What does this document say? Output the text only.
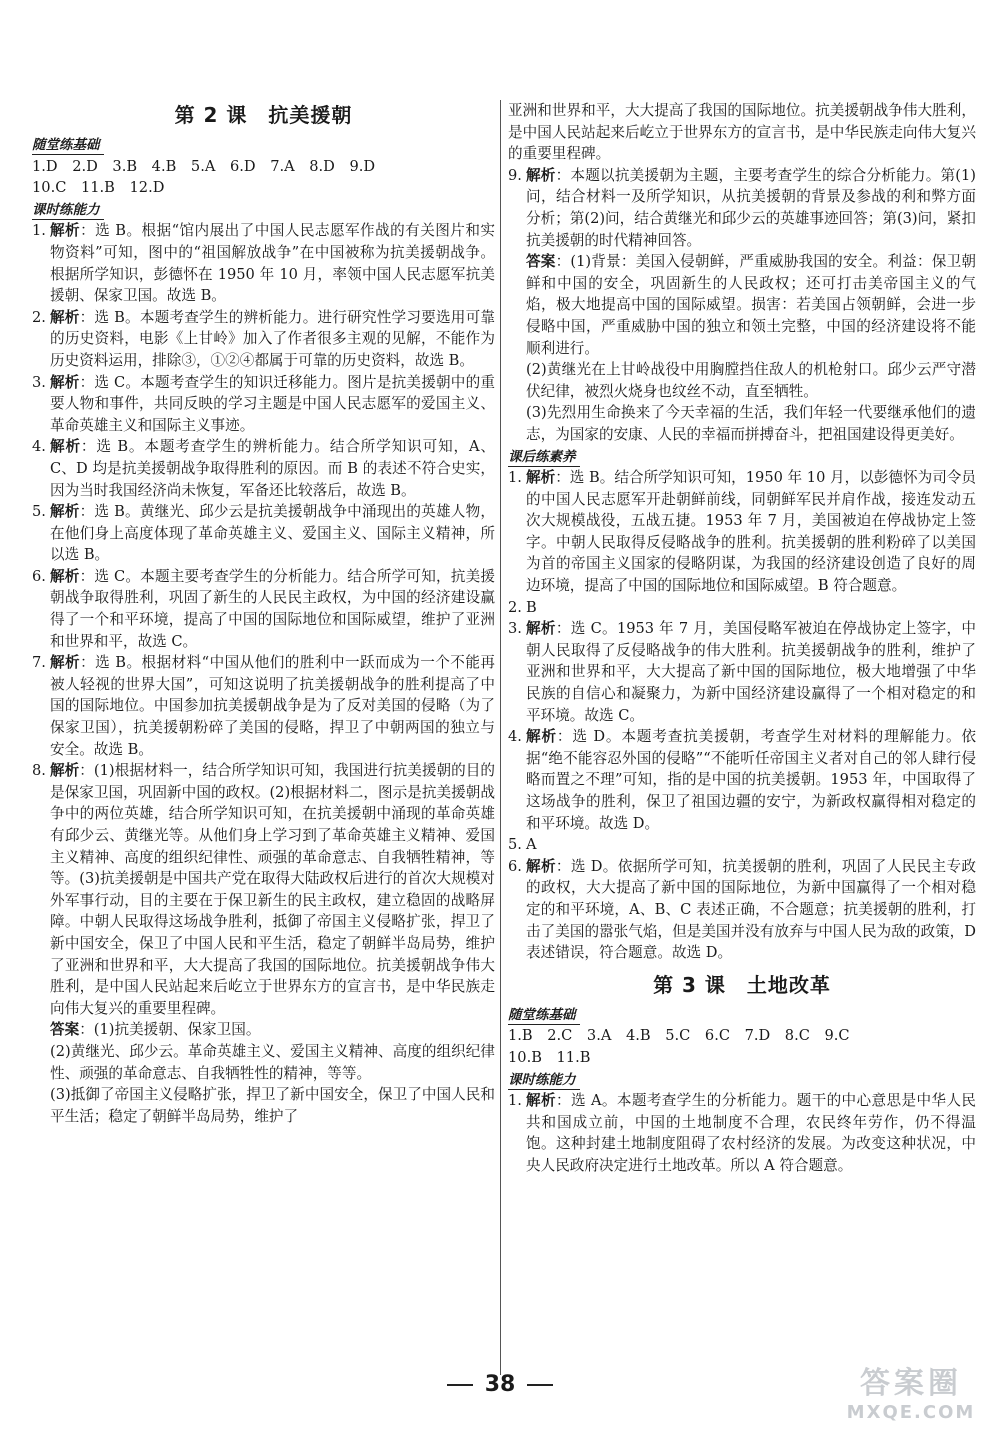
第 2 课　抗美援朝
随堂练基础
1.D　2.D　3.B　4.B　5.A　6.D　7.A　8.D　9.D
10.C　11.B　12.D
课时练能力
1. 解析：选 B。根据“馆内展出了中国人民志愿军作战的有关图片和实物资料”可知，图中的“祖国解放战争”在中国被称为抗美援朝战争。根据所学知识，彭德怀在 1950 年 10 月，率领中国人民志愿军抗美援朝、保家卫国。故选 B。
2. 解析：选 B。本题考查学生的辨析能力。进行研究性学习要选用可靠的历史资料，电影《上甘岭》加入了作者很多主观的见解，不能作为历史资料运用，排除③，①②④都属于可靠的历史资料，故选 B。
3. 解析：选 C。本题考查学生的知识迁移能力。图片是抗美援朝中的重要人物和事件，共同反映的学习主题是中国人民志愿军的爱国主义、革命英雄主义和国际主义事迹。
4. 解析：选 B。本题考查学生的辨析能力。结合所学知识可知，A、C、D 均是抗美援朝战争取得胜利的原因。而 B 的表述不符合史实，因为当时我国经济尚未恢复，军备还比较落后，故选 B。
5. 解析：选 B。黄继光、邱少云是抗美援朝战争中涌现出的英雄人物，在他们身上高度体现了革命英雄主义、爱国主义、国际主义精神，所以选 B。
6. 解析：选 C。本题主要考查学生的分析能力。结合所学可知，抗美援朝战争取得胜利，巩固了新生的人民民主政权，为中国的经济建设赢得了一个和平环境，提高了中国的国际地位和国际威望，维护了亚洲和世界和平，故选 C。
7. 解析：选 B。根据材料“中国从他们的胜利中一跃而成为一个不能再被人轻视的世界大国”，可知这说明了抗美援朝战争的胜利提高了中国的国际地位。中国参加抗美援朝战争是为了反对美国的侵略（为了保家卫国），抗美援朝粉碎了美国的侵略，捍卫了中朝两国的独立与安全。故选 B。
8. 解析：(1)根据材料一，结合所学知识可知，我国进行抗美援朝的目的是保家卫国，巩固新中国的政权。(2)根据材料二，图示是抗美援朝战争中的两位英雄，结合所学知识可知，在抗美援朝中涌现的革命英雄有邱少云、黄继光等。从他们身上学习到了革命英雄主义精神、爱国主义精神、高度的组织纪律性、顽强的革命意志、自我牺牲精神，等等。(3)抗美援朝是中国共产党在取得大陆政权后进行的首次大规模对外军事行动，目的主要在于保卫新生的民主政权，建立稳固的战略屏障。中朝人民取得这场战争胜利，抵御了帝国主义侵略扩张，捍卫了新中国安全，保卫了中国人民和平生活，稳定了朝鲜半岛局势，维护了亚洲和世界和平，大大提高了我国的国际地位。抗美援朝战争伟大胜利，是中国人民站起来后屹立于世界东方的宣言书，是中华民族走向伟大复兴的重要里程碑。
答案：(1)抗美援朝、保家卫国。
(2)黄继光、邱少云。革命英雄主义、爱国主义精神、高度的组织纪律性、顽强的革命意志、自我牺牲性的精神，等等。
(3)抵御了帝国主义侵略扩张，捍卫了新中国安全，保卫了中国人民和平生活；稳定了朝鲜半岛局势，维护了
亚洲和世界和平，大大提高了我国的国际地位。抗美援朝战争伟大胜利，是中国人民站起来后屹立于世界东方的宣言书，是中华民族走向伟大复兴的重要里程碑。
9. 解析：本题以抗美援朝为主题，主要考查学生的综合分析能力。第(1)问，结合材料一及所学知识，从抗美援朝的背景及参战的利和弊方面分析；第(2)问，结合黄继光和邱少云的英雄事迹回答；第(3)问，紧扣抗美援朝的时代精神回答。
答案：(1)背景：美国入侵朝鲜，严重威胁我国的安全。利益：保卫朝鲜和中国的安全，巩固新生的人民政权；还可打击美帝国主义的气焰，极大地提高中国的国际威望。损害：若美国占领朝鲜，会进一步侵略中国，严重威胁中国的独立和领土完整，中国的经济建设将不能顺利进行。
(2)黄继光在上甘岭战役中用胸膛挡住敌人的机枪射口。邱少云严守潜伏纪律，被烈火烧身也纹丝不动，直至牺牲。
(3)先烈用生命换来了今天幸福的生活，我们年轻一代要继承他们的遗志，为国家的安康、人民的幸福而拼搏奋斗，把祖国建设得更美好。
课后练素养
1. 解析：选 B。结合所学知识可知，1950 年 10 月，以彭德怀为司令员的中国人民志愿军开赴朝鲜前线，同朝鲜军民并肩作战，接连发动五次大规模战役，五战五捷。1953 年 7 月，美国被迫在停战协定上签字。中朝人民取得反侵略战争的胜利。抗美援朝的胜利粉碎了以美国为首的帝国主义国家的侵略阴谋，为我国的经济建设创造了良好的周边环境，提高了中国的国际地位和国际威望。B 符合题意。
2. B
3. 解析：选 C。1953 年 7 月，美国侵略军被迫在停战协定上签字，中朝人民取得了反侵略战争的伟大胜利。抗美援朝战争的胜利，维护了亚洲和世界和平，大大提高了新中国的国际地位，极大地增强了中华民族的自信心和凝聚力，为新中国经济建设赢得了一个相对稳定的和平环境。故选 C。
4. 解析：选 D。本题考查抗美援朝，考查学生对材料的理解能力。依据“绝不能容忍外国的侵略”“不能听任帝国主义者对自己的邻人肆行侵略而置之不理”可知，指的是中国的抗美援朝。1953 年，中国取得了这场战争的胜利，保卫了祖国边疆的安宁，为新政权赢得相对稳定的和平环境。故选 D。
5. A
6. 解析：选 D。依据所学可知，抗美援朝的胜利，巩固了人民民主专政的政权，大大提高了新中国的国际地位，为新中国赢得了一个相对稳定的和平环境，A、B、C 表述正确，不合题意；抗美援朝的胜利，打击了美国的嚣张气焰，但是美国并没有放弃与中国人民为敌的政策，D 表述错误，符合题意。故选 D。
第 3 课　土地改革
随堂练基础
1.B　2.C　3.A　4.B　5.C　6.C　7.D　8.C　9.C
10.B　11.B
课时练能力
1. 解析：选 A。本题考查学生的分析能力。题干的中心意思是中华人民共和国成立前，中国的土地制度不合理，农民终年劳作，仍不得温饱。这种封建土地制度阻碍了农村经济的发展。为改变这种状况，中央人民政府决定进行土地改革。所以 A 符合题意。
38	答案圈
MXQE.COM
